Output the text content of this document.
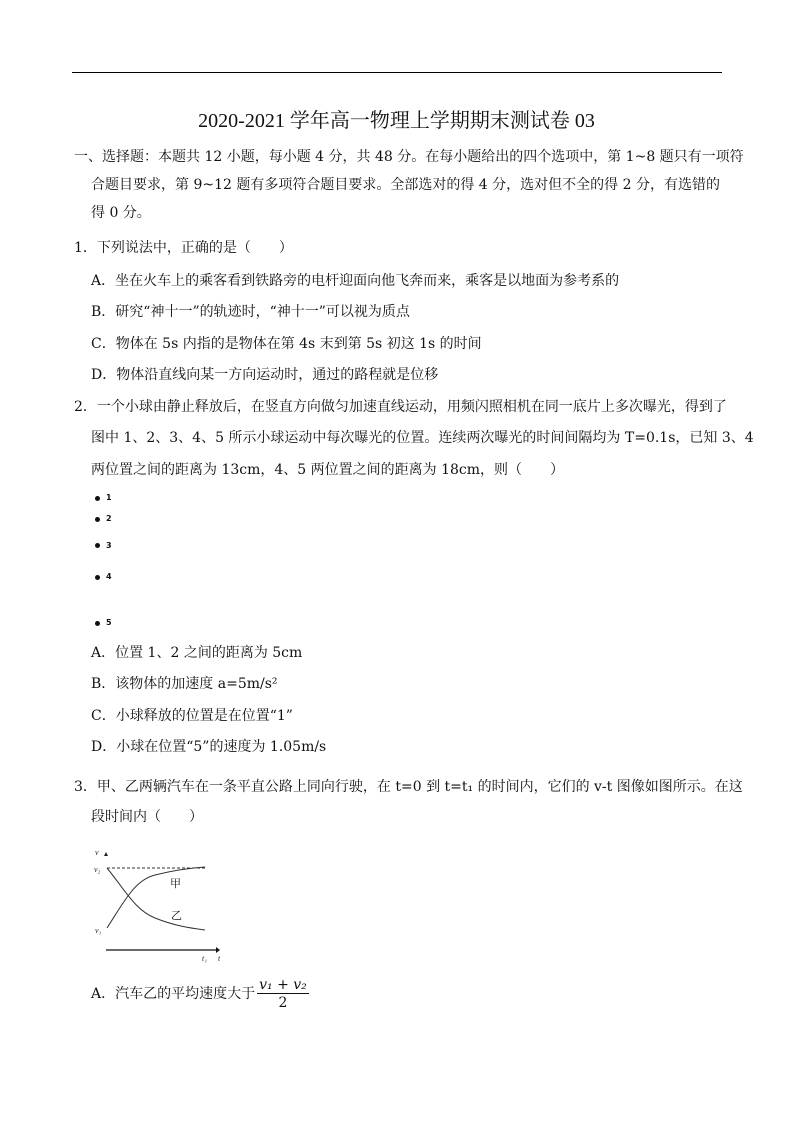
2020-2021 学年高一物理上学期期末测试卷 03
一、选择题：本题共 12 小题，每小题 4 分，共 48 分。在每小题给出的四个选项中，第 1~8 题只有一项符
合题目要求，第 9~12 题有多项符合题目要求。全部选对的得 4 分，选对但不全的得 2 分，有选错的
得 0 分。
1．下列说法中，正确的是（　　）
A．坐在火车上的乘客看到铁路旁的电杆迎面向他飞奔而来，乘客是以地面为参考系的
B．研究“神十一”的轨迹时，“神十一”可以视为质点
C．物体在 5s 内指的是物体在第 4s 末到第 5s 初这 1s 的时间
D．物体沿直线向某一方向运动时，通过的路程就是位移
2．一个小球由静止释放后，在竖直方向做匀加速直线运动，用频闪照相机在同一底片上多次曝光，得到了
图中 1、2、3、4、5 所示小球运动中每次曝光的位置。连续两次曝光的时间间隔均为 T=0.1s，已知 3、4
两位置之间的距离为 13cm，4、5 两位置之间的距离为 18cm，则（　　）
1
2
3
4
5
A．位置 1、2 之间的距离为 5cm
B．该物体的加速度 a=5m/s²
C．小球释放的位置是在位置“1”
D．小球在位置“5”的速度为 1.05m/s
3．甲、乙两辆汽车在一条平直公路上同向行驶，在 t=0 到 t=t₁ 的时间内，它们的 v-t 图像如图所示。在这
段时间内（　　）
v
v₂
v₁
t₁ t
甲
乙
A．汽车乙的平均速度大于 $\frac{\text{v₁ + v₂}}{2}$
